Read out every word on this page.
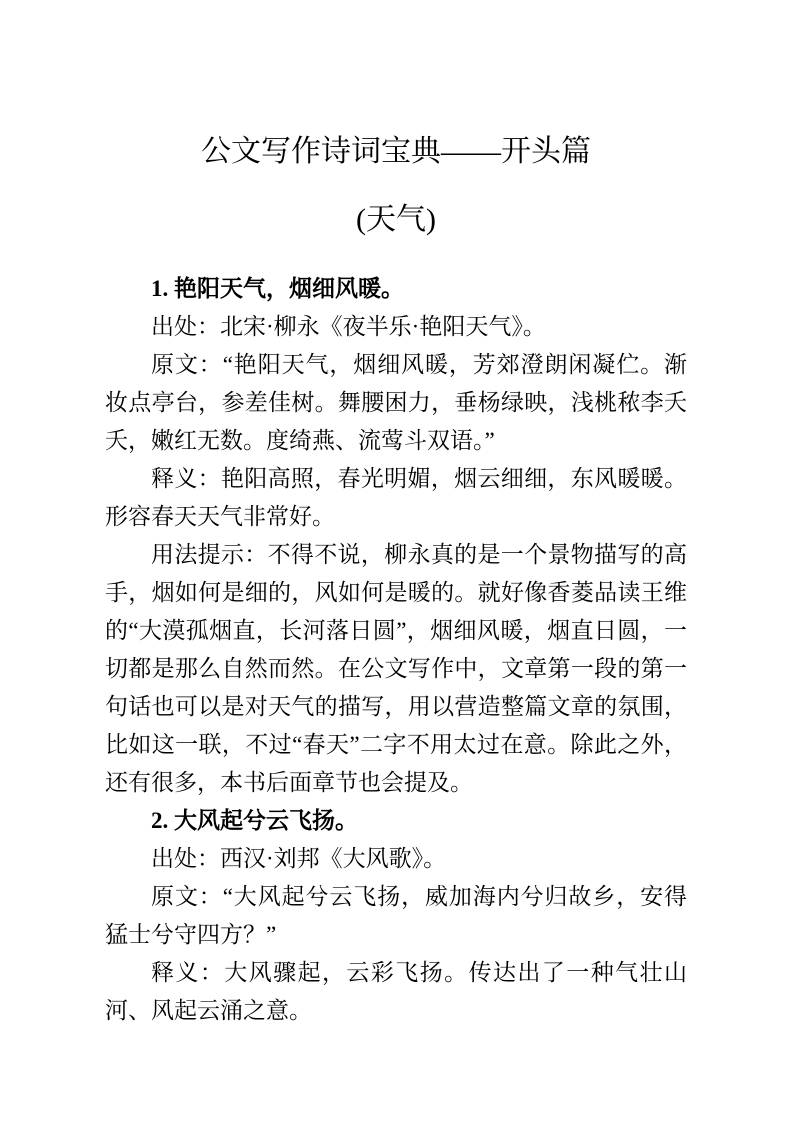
公文写作诗词宝典——开头篇
(天气)

1. 艳阳天气，烟细风暖。

出处：北宋·柳永《夜半乐·艳阳天气》。

原文：“艳阳天气，烟细风暖，芳郊澄朗闲凝伫。渐妆点亭台，参差佳树。舞腰困力，垂杨绿映，浅桃秾李夭夭，嫩红无数。度绮燕、流莺斗双语。”

释义：艳阳高照，春光明媚，烟云细细，东风暖暖。形容春天天气非常好。

用法提示：不得不说，柳永真的是一个景物描写的高手，烟如何是细的，风如何是暖的。就好像香菱品读王维的“大漠孤烟直，长河落日圆”，烟细风暖，烟直日圆，一切都是那么自然而然。在公文写作中，文章第一段的第一句话也可以是对天气的描写，用以营造整篇文章的氛围，比如这一联，不过“春天”二字不用太过在意。除此之外，还有很多，本书后面章节也会提及。

2. 大风起兮云飞扬。

出处：西汉·刘邦《大风歌》。

原文：“大风起兮云飞扬，威加海内兮归故乡，安得猛士兮守四方？”

释义：大风骤起，云彩飞扬。传达出了一种气壮山河、风起云涌之意。
